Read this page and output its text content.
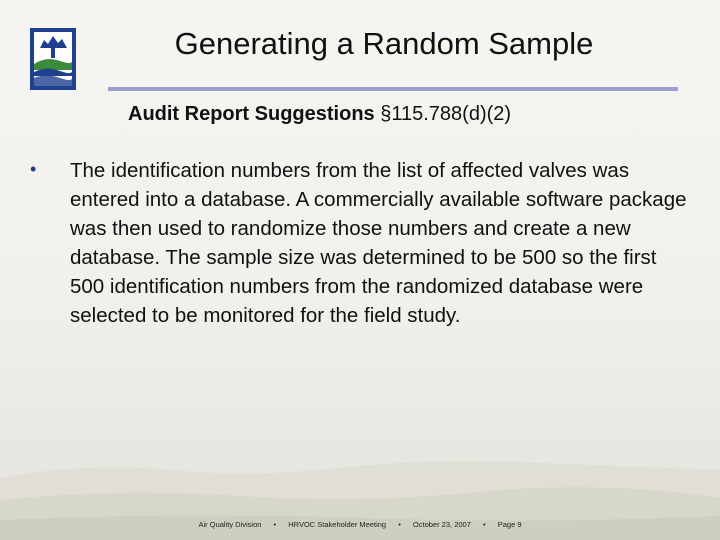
Generating a Random Sample
Audit Report Suggestions §115.788(d)(2)
• The identification numbers from the list of affected valves was entered into a database. A commercially available software package was then used to randomize those numbers and create a new database. The sample size was determined to be 500 so the first 500 identification numbers from the randomized database were selected to be monitored for the field study.
Air Quality Division • HRVOC Stakeholder Meeting • October 23, 2007 • Page 9
